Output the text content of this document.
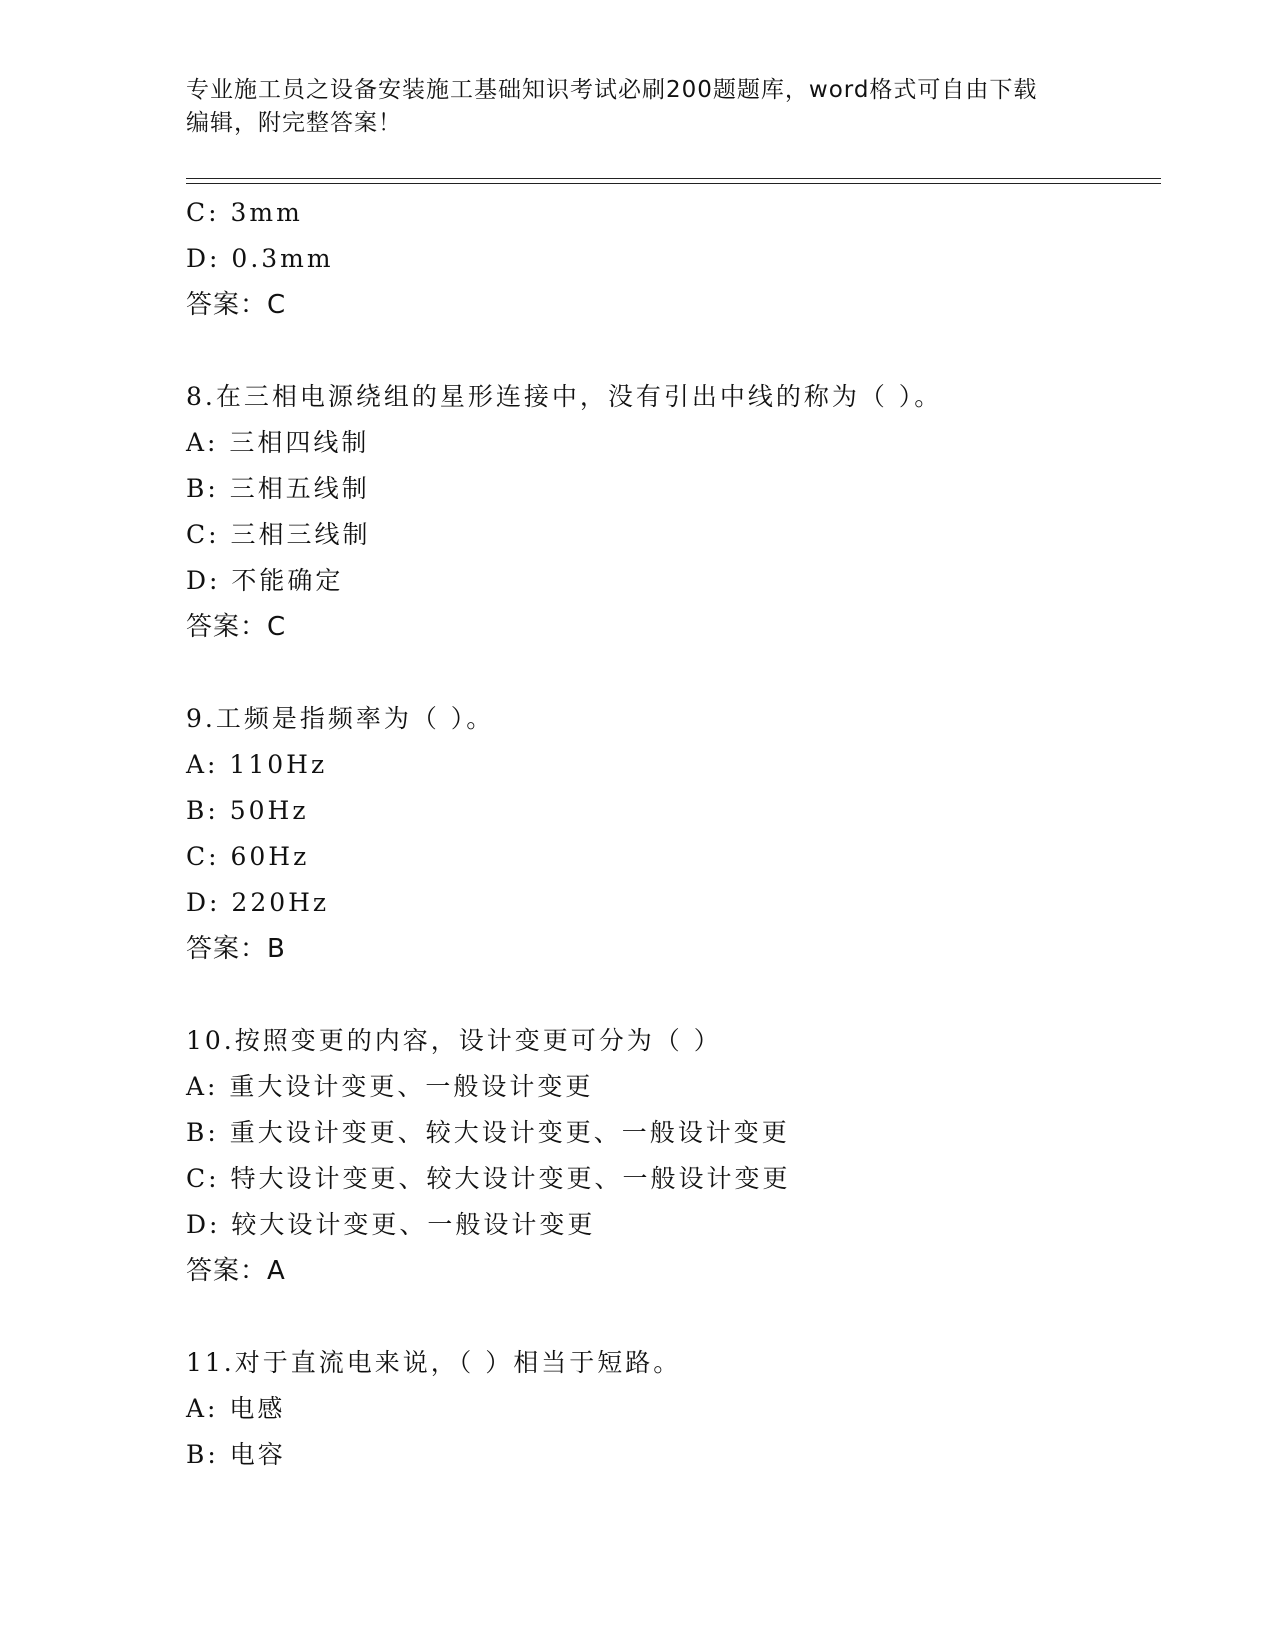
专业施工员之设备安装施工基础知识考试必刷200题题库，word格式可自由下载
编辑，附完整答案！
C: 3mm
D: 0.3mm
答案：C
8.在三相电源绕组的星形连接中，没有引出中线的称为（ ）。
A: 三相四线制
B: 三相五线制
C: 三相三线制
D: 不能确定
答案：C
9.工频是指频率为（ ）。
A: 110Hz
B: 50Hz
C: 60Hz
D: 220Hz
答案：B
10.按照变更的内容，设计变更可分为（ ）
A: 重大设计变更、一般设计变更
B: 重大设计变更、较大设计变更、一般设计变更
C: 特大设计变更、较大设计变更、一般设计变更
D: 较大设计变更、一般设计变更
答案：A
11.对于直流电来说，（ ）相当于短路。
A: 电感
B: 电容
